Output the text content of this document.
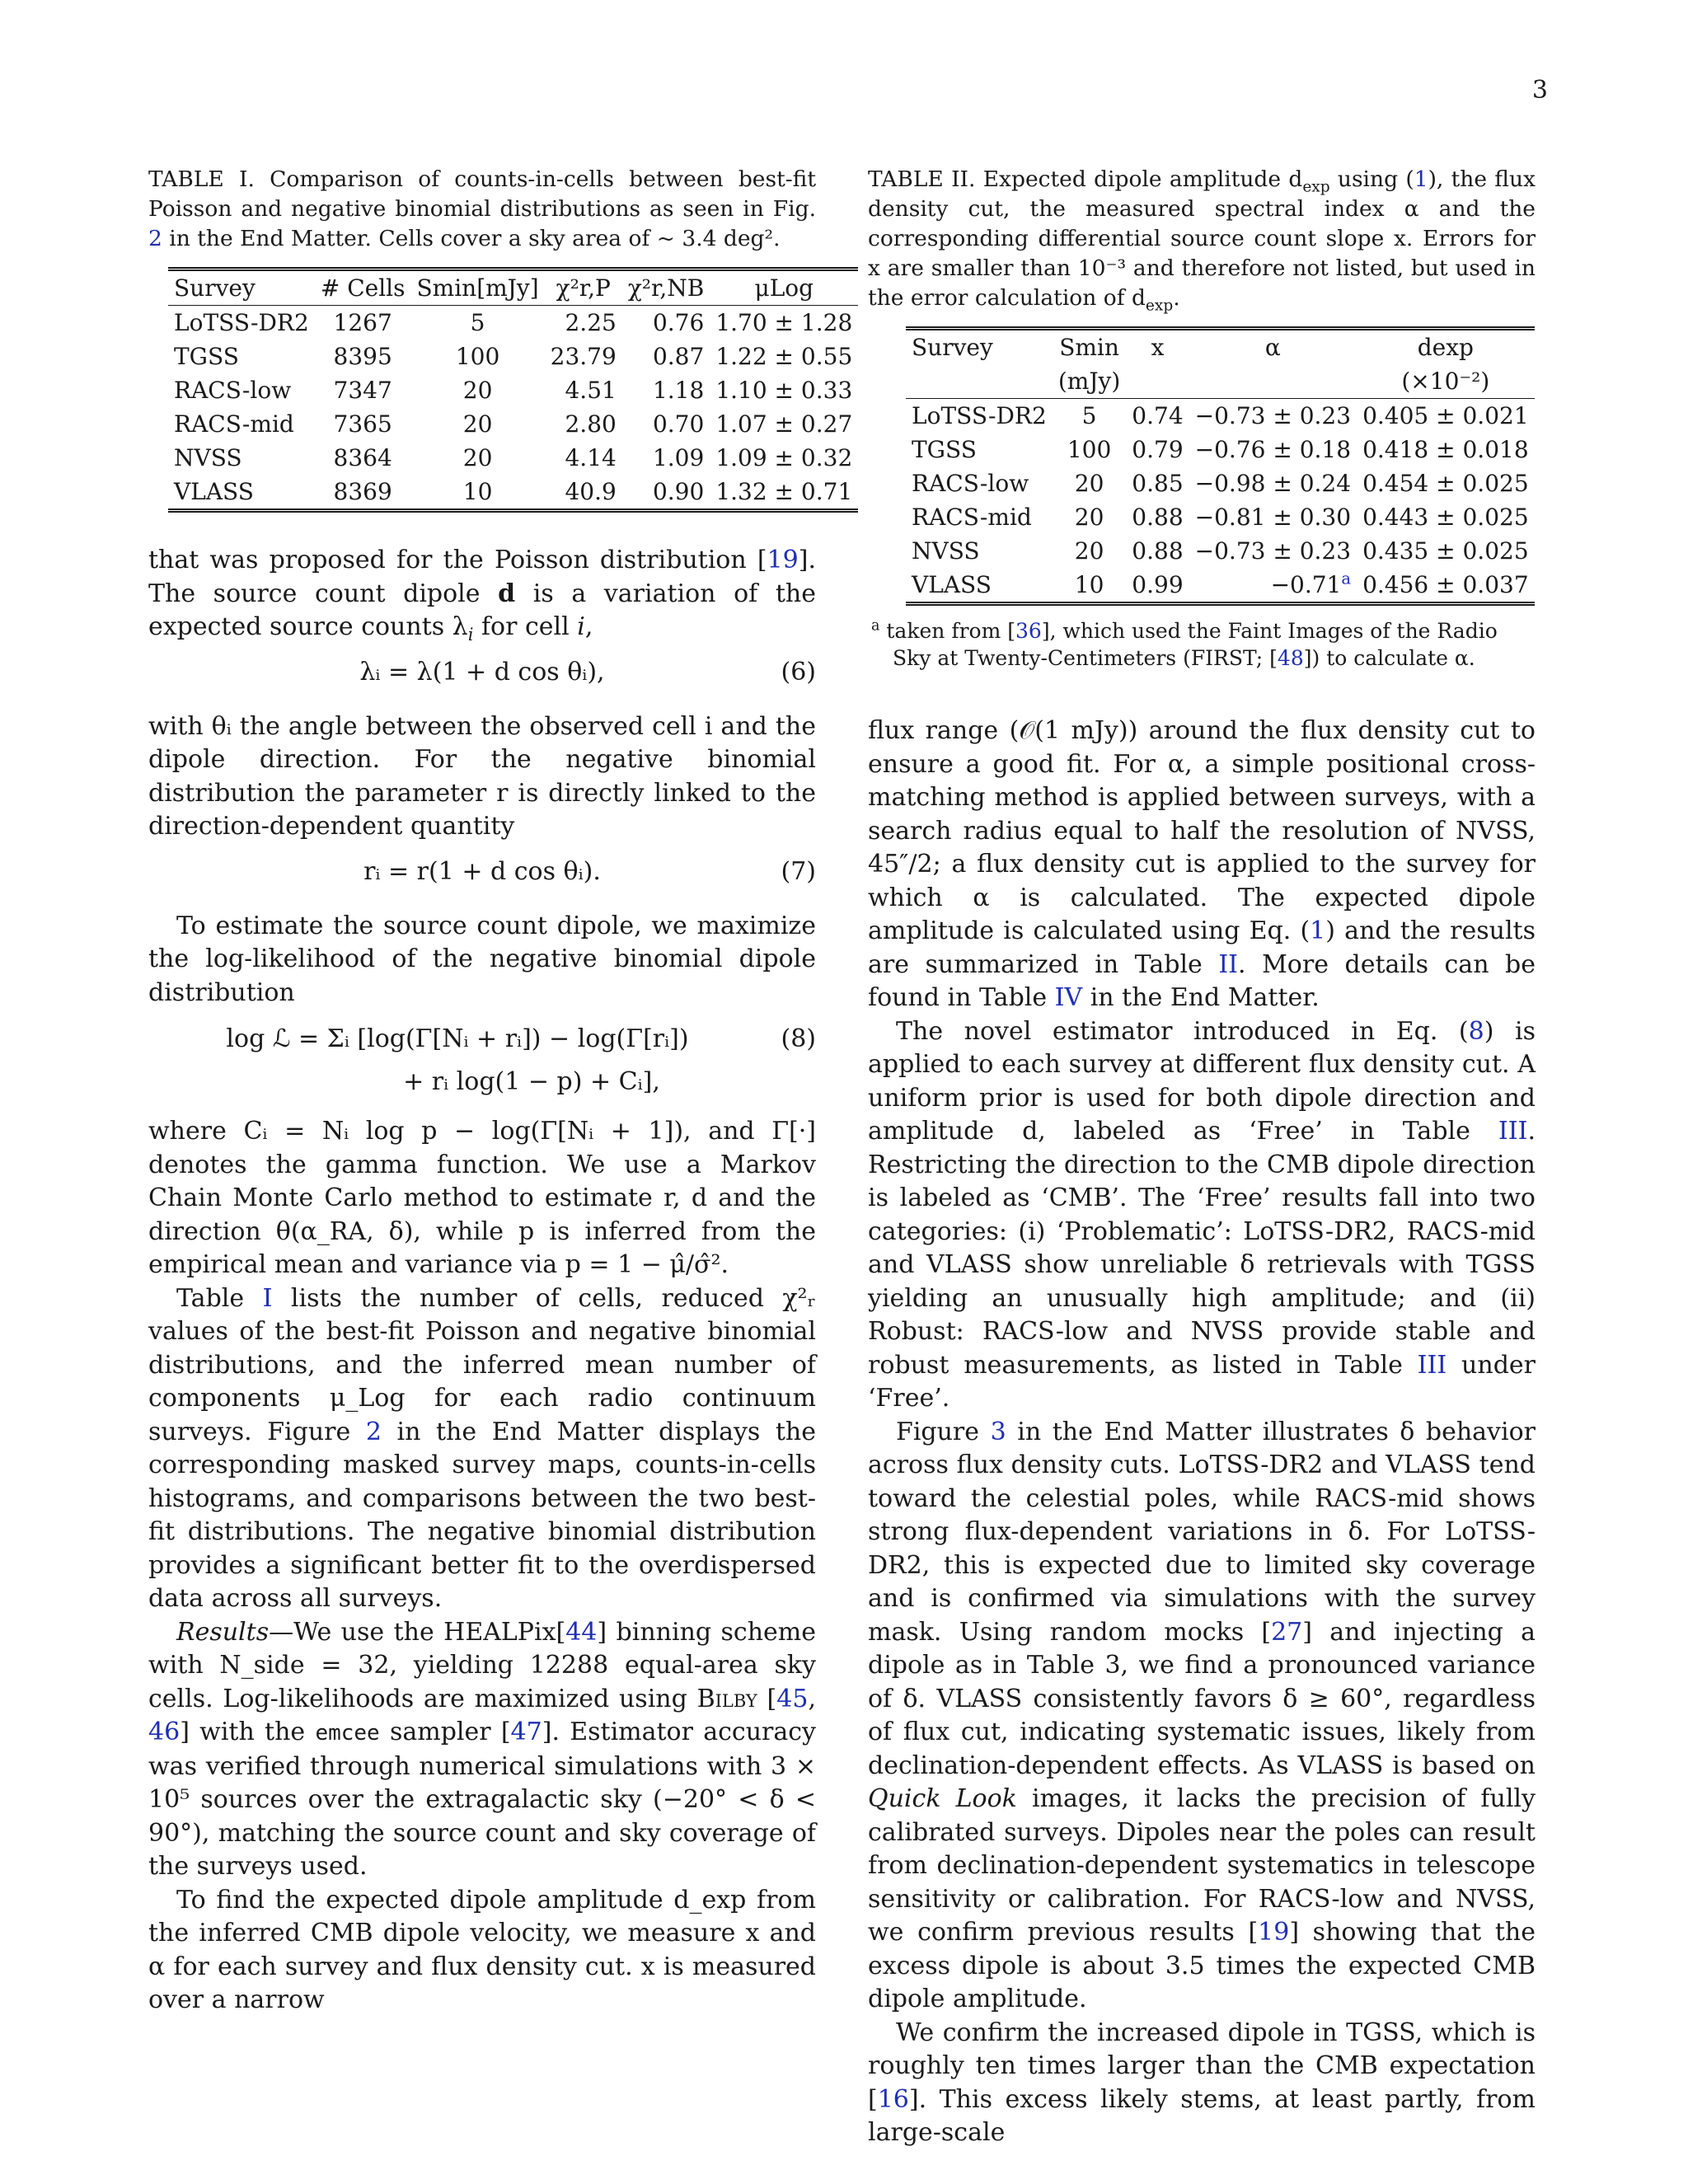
3
TABLE I. Comparison of counts-in-cells between best-fit Poisson and negative binomial distributions as seen in Fig. 2 in the End Matter. Cells cover a sky area of ~ 3.4 deg².
Survey	# Cells	Smin[mJy]	χ²r,P	χ²r,NB	μLog
LoTSS-DR2	1267	5	2.25	0.76	1.70 ± 1.28
TGSS	8395	100	23.79	0.87	1.22 ± 0.55
RACS-low	7347	20	4.51	1.18	1.10 ± 0.33
RACS-mid	7365	20	2.80	0.70	1.07 ± 0.27
NVSS	8364	20	4.14	1.09	1.09 ± 0.32
VLASS	8369	10	40.9	0.90	1.32 ± 0.71

that was proposed for the Poisson distribution [19]. The source count dipole d is a variation of the expected source counts $\lambda_i$ for cell i,

λᵢ = λ(1 + d cos θᵢ),	(6)

with θᵢ the angle between the observed cell i and the dipole direction. For the negative binomial distribution the parameter r is directly linked to the direction-dependent quantity

rᵢ = r(1 + d cos θᵢ).	(7)

To estimate the source count dipole, we maximize the log-likelihood of the negative binomial dipole distribution

log ℒ = Σᵢ [log(Γ[Nᵢ + rᵢ]) − log(Γ[rᵢ])	(8)
+ rᵢ log(1 − p) + Cᵢ],

where Cᵢ = Nᵢ log p − log(Γ[Nᵢ + 1]), and Γ[·] denotes the gamma function. We use a Markov Chain Monte Carlo method to estimate r, d and the direction θ(α_RA, δ), while p is inferred from the empirical mean and variance via p = 1 − μ̂/σ̂².

Table I lists the number of cells, reduced χ²ᵣ values of the best-fit Poisson and negative binomial distributions, and the inferred mean number of components μ_Log for each radio continuum surveys. Figure 2 in the End Matter displays the corresponding masked survey maps, counts-in-cells histograms, and comparisons between the two best-fit distributions. The negative binomial distribution provides a significant better fit to the overdispersed data across all surveys.

Results—We use the HEALPix[44] binning scheme with N_side = 32, yielding 12288 equal-area sky cells. Log-likelihoods are maximized using Bilby [45, 46] with the emcee sampler [47]. Estimator accuracy was verified through numerical simulations with 3 × 10⁵ sources over the extragalactic sky (−20° < δ < 90°), matching the source count and sky coverage of the surveys used.

To find the expected dipole amplitude d_exp from the inferred CMB dipole velocity, we measure x and α for each survey and flux density cut. x is measured over a narrow

TABLE II. Expected dipole amplitude $d_{exp}$ using (1), the flux density cut, the measured spectral index α and the corresponding differential source count slope x. Errors for x are smaller than 10⁻³ and therefore not listed, but used in the error calculation of $d_{exp}$.
Survey	Smin	x	α	dexp
	(mJy)			(×10⁻²)
LoTSS-DR2	5	0.74	−0.73 ± 0.23	0.405 ± 0.021
TGSS	100	0.79	−0.76 ± 0.18	0.418 ± 0.018
RACS-low	20	0.85	−0.98 ± 0.24	0.454 ± 0.025
RACS-mid	20	0.88	−0.81 ± 0.30	0.443 ± 0.025
NVSS	20	0.88	−0.73 ± 0.23	0.435 ± 0.025
VLASS	10	0.99	−0.71$^a$	0.456 ± 0.037
$^a$ taken from [36], which used the Faint Images of the Radio Sky at Twenty-Centimeters (FIRST; [48]) to calculate α.

flux range (𝒪(1 mJy)) around the flux density cut to ensure a good fit. For α, a simple positional cross-matching method is applied between surveys, with a search radius equal to half the resolution of NVSS, 45″/2; a flux density cut is applied to the survey for which α is calculated. The expected dipole amplitude is calculated using Eq. (1) and the results are summarized in Table II. More details can be found in Table IV in the End Matter.

The novel estimator introduced in Eq. (8) is applied to each survey at different flux density cut. A uniform prior is used for both dipole direction and amplitude d, labeled as ‘Free’ in Table III. Restricting the direction to the CMB dipole direction is labeled as ‘CMB’. The ‘Free’ results fall into two categories: (i) ‘Problematic’: LoTSS-DR2, RACS-mid and VLASS show unreliable δ retrievals with TGSS yielding an unusually high amplitude; and (ii) Robust: RACS-low and NVSS provide stable and robust measurements, as listed in Table III under ‘Free’.

Figure 3 in the End Matter illustrates δ behavior across flux density cuts. LoTSS-DR2 and VLASS tend toward the celestial poles, while RACS-mid shows strong flux-dependent variations in δ. For LoTSS-DR2, this is expected due to limited sky coverage and is confirmed via simulations with the survey mask. Using random mocks [27] and injecting a dipole as in Table 3, we find a pronounced variance of δ. VLASS consistently favors δ ≥ 60°, regardless of flux cut, indicating systematic issues, likely from declination-dependent effects. As VLASS is based on Quick Look images, it lacks the precision of fully calibrated surveys. Dipoles near the poles can result from declination-dependent systematics in telescope sensitivity or calibration. For RACS-low and NVSS, we confirm previous results [19] showing that the excess dipole is about 3.5 times the expected CMB dipole amplitude.

We confirm the increased dipole in TGSS, which is roughly ten times larger than the CMB expectation [16]. This excess likely stems, at least partly, from large-scale
